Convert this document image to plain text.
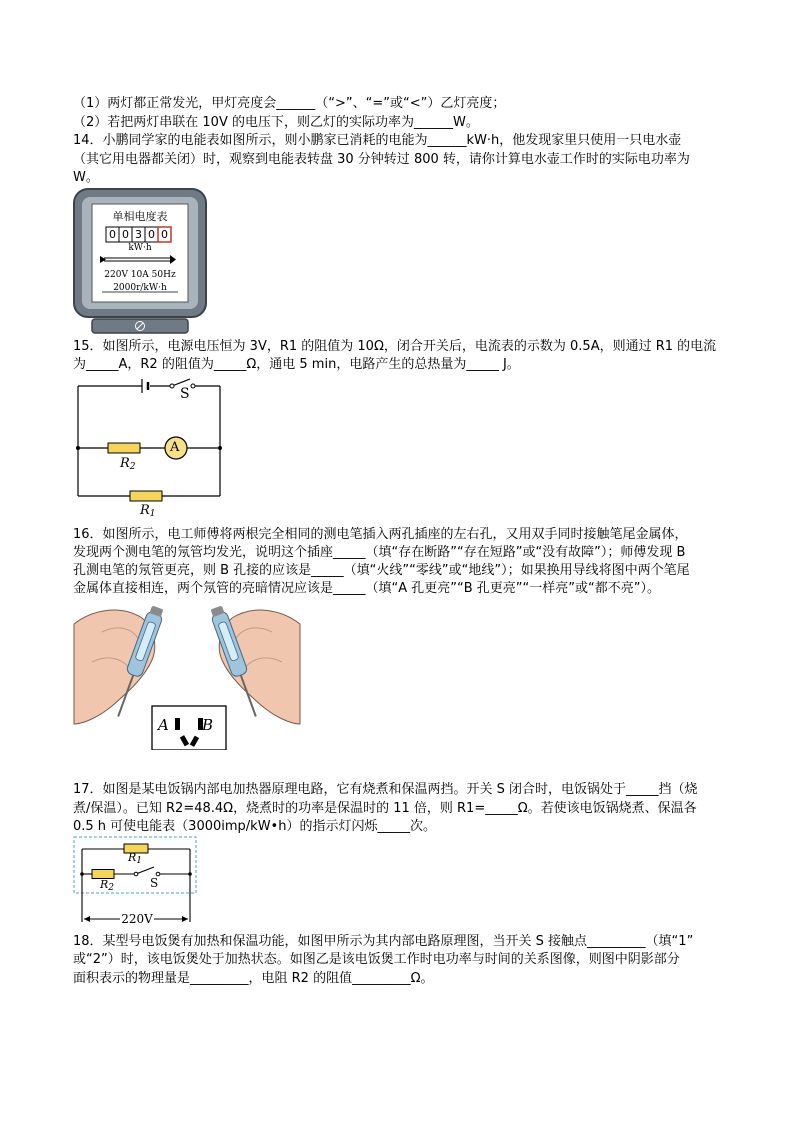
（1）两灯都正常发光，甲灯亮度会______（“>”、“=”或“<”）乙灯亮度；
（2）若把两灯串联在 10V 的电压下，则乙灯的实际功率为______W。
14．小鹏同学家的电能表如图所示，则小鹏家已消耗的电能为______kW·h，他发现家里只使用一只电水壶
（其它用电器都关闭）时，观察到电能表转盘 30 分钟转过 800 转，请你计算电水壶工作时的实际电功率为
W。
单相电度表
0 0 3 0 0
kW·h
220V 10A 50Hz
2000r/kW·h
15．如图所示，电源电压恒为 3V，R1 的阻值为 10Ω，闭合开关后，电流表的示数为 0.5A，则通过 R1 的电流
为_____A，R2 的阻值为_____Ω，通电 5 min，电路产生的总热量为_____ J。
S
A
$R_2$
$R_1$
16．如图所示，电工师傅将两根完全相同的测电笔插入两孔插座的左右孔，又用双手同时接触笔尾金属体，
发现两个测电笔的氖管均发光，说明这个插座_____（填“存在断路”“存在短路”或“没有故障”）；师傅发现 B
孔测电笔的氖管更亮，则 B 孔接的应该是_____（填“火线”“零线”或“地线”）；如果换用导线将图中两个笔尾
金属体直接相连，两个氖管的亮暗情况应该是_____（填“A 孔更亮”“B 孔更亮”“一样亮”或“都不亮”）。
A B
17．如图是某电饭锅内部电加热器原理电路，它有烧煮和保温两挡。开关 S 闭合时，电饭锅处于_____挡（烧
煮/保温）。已知 R2=48.4Ω，烧煮时的功率是保温时的 11 倍，则 R1=_____Ω。若使该电饭锅烧煮、保温各
0.5 h 可使电能表（3000imp/kW•h）的指示灯闪烁_____次。
$R_1$
$R_2$	S
220V
18．某型号电饭煲有加热和保温功能，如图甲所示为其内部电路原理图，当开关 S 接触点_________（填“1”
或“2”）时，该电饭煲处于加热状态。如图乙是该电饭煲工作时电功率与时间的关系图像，则图中阴影部分
面积表示的物理量是_________，电阻 R2 的阻值_________Ω。
